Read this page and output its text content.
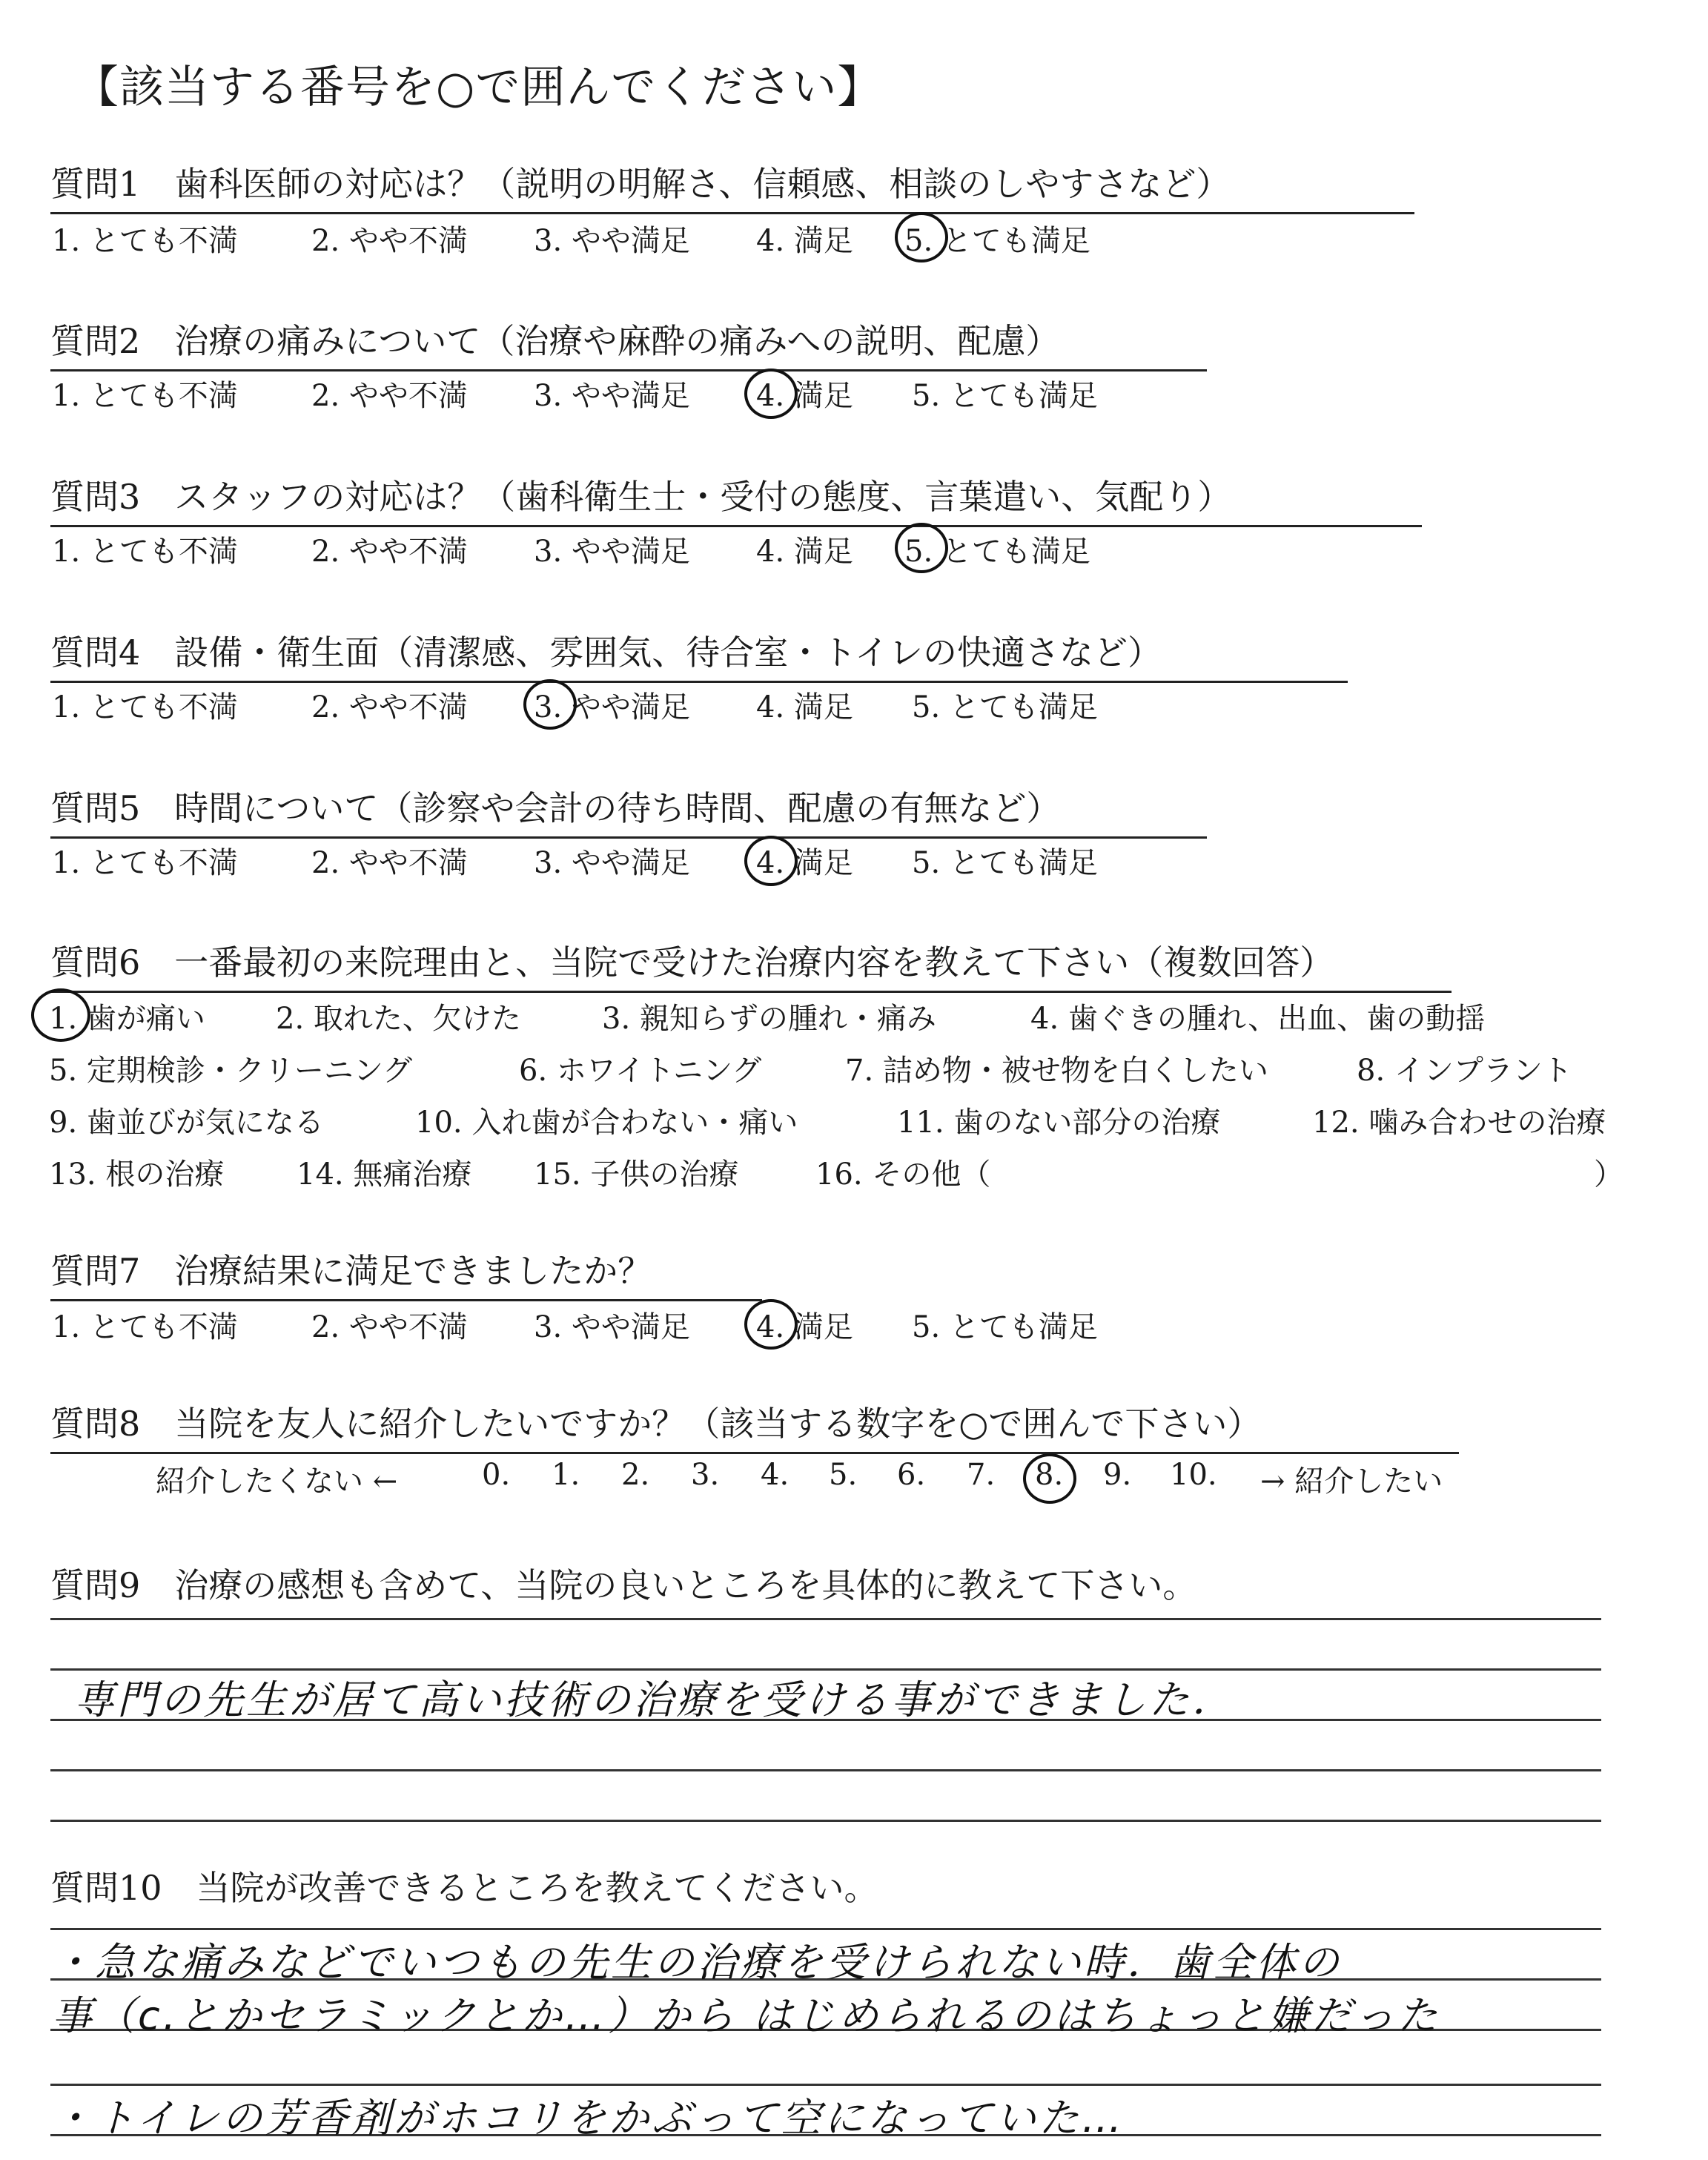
【該当する番号を○で囲んでください】
質問1　歯科医師の対応は？（説明の明解さ、信頼感、相談のしやすさなど）
1. とても不満 2. やや不満 3. やや満足 4. 満足 5. とても満足
質問2　治療の痛みについて（治療や麻酔の痛みへの説明、配慮）
1. とても不満 2. やや不満 3. やや満足 4. 満足 5. とても満足
質問3　スタッフの対応は？（歯科衛生士・受付の態度、言葉遣い、気配り）
1. とても不満 2. やや不満 3. やや満足 4. 満足 5. とても満足
質問4　設備・衛生面（清潔感、雰囲気、待合室・トイレの快適さなど）
1. とても不満 2. やや不満 3. やや満足 4. 満足 5. とても満足
質問5　時間について（診察や会計の待ち時間、配慮の有無など）
1. とても不満 2. やや不満 3. やや満足 4. 満足 5. とても満足
質問6　一番最初の来院理由と、当院で受けた治療内容を教えて下さい（複数回答）
1. 歯が痛い 2. 取れた、欠けた	3. 親知らずの腫れ・痛み	4. 歯ぐきの腫れ、出血、歯の動揺
5. 定期検診・クリーニング	6. ホワイトニング	7. 詰め物・被せ物を白くしたい	8. インプラント
9. 歯並びが気になる	10. 入れ歯が合わない・痛い	11. 歯のない部分の治療	12. 噛み合わせの治療
13. 根の治療 14. 無痛治療 15. 子供の治療	16. その他（	）
質問7　治療結果に満足できましたか？
1. とても不満 2. やや不満 3. やや満足 4. 満足 5. とても満足
質問8　当院を友人に紹介したいですか？（該当する数字を○で囲んで下さい）
紹介したくない ←	0. 1. 2. 3. 4. 5. 6. 7. 8. 9. 10. → 紹介したい
質問9　治療の感想も含めて、当院の良いところを具体的に教えて下さい。
専門の先生が居て高い技術の治療を受ける事ができました．
質問10　当院が改善できるところを教えてください。
・急な痛みなどでいつもの先生の治療を受けられない時．歯全体の
事（c.とかセラミックとか…）から はじめられるのはちょっと嫌だった
・トイレの芳香剤がホコリをかぶって空になっていた…
